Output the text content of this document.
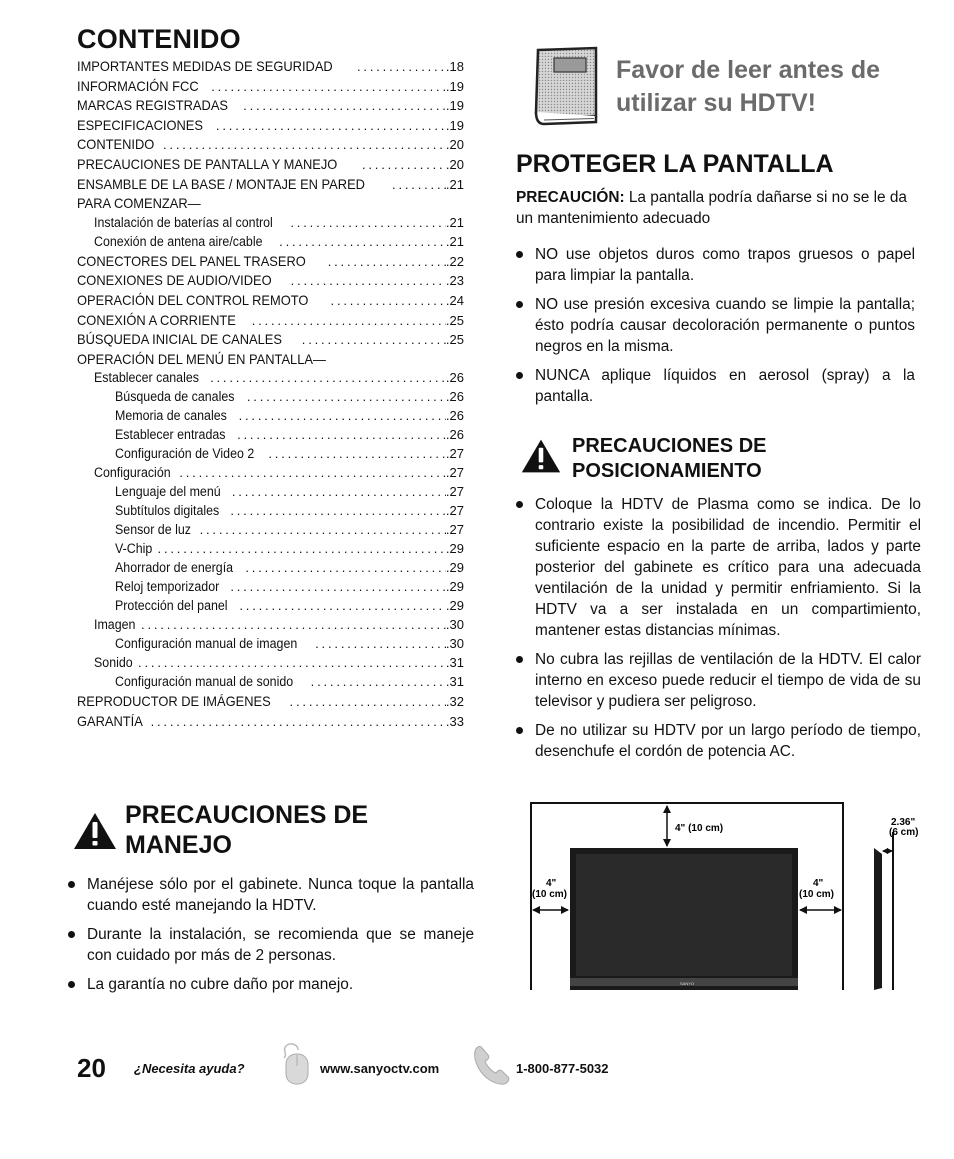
CONTENIDO
IMPORTANTES MEDIDAS DE SEGURIDAD . . .	.18
INFORMACIÓN FCC . . .	.19
MARCAS REGISTRADAS . . .	.19
ESPECIFICACIONES . . .	.19
CONTENIDO . . .	.20
PRECAUCIONES DE PANTALLA Y MANEJO . . .	.20
ENSAMBLE DE LA BASE / MONTAJE EN PARED . . .	.21
PARA COMENZAR—
Instalación de baterías al control . . .	.21
Conexión de antena aire/cable . . .	.21
CONECTORES DEL PANEL TRASERO . . .	.22
CONEXIONES DE AUDIO/VIDEO . . .	.23
OPERACIÓN DEL CONTROL REMOTO . . .	.24
CONEXIÓN A CORRIENTE . . .	.25
BÚSQUEDA INICIAL DE CANALES . . .	.25
OPERACIÓN DEL MENÚ EN PANTALLA—
Establecer canales . . .	.26
Búsqueda de canales . . .	.26
Memoria de canales . . .	.26
Establecer entradas . . .	.26
Configuración de Video 2 . . .	.27
Configuración . . .	.27
Lenguaje del menú . . .	.27
Subtítulos digitales . . .	.27
Sensor de luz . . .	.27
V-Chip . . .	.29
Ahorrador de energía . . .	.29
Reloj temporizador . . .	.29
Protección del panel . . .	.29
Imagen . . .	.30
Configuración manual de imagen . . .	.30
Sonido . . .	.31
Configuración manual de sonido . . .	.31
REPRODUCTOR DE IMÁGENES . . .	.32
GARANTÍA . . .	.33
PRECAUCIONES DE
MANEJO
Manéjese sólo por el gabinete. Nunca toque la pantalla cuando esté manejando la HDTV.
Durante la instalación, se recomienda que se maneje con cuidado por más de 2 personas.
La garantía no cubre daño por manejo.
Favor de leer antes de
utilizar su HDTV!
PROTEGER LA PANTALLA
PRECAUCIÓN: La pantalla podría dañarse si no se le da un mantenimiento adecuado
NO use objetos duros como trapos gruesos o papel para limpiar la pantalla.
NO use presión excesiva cuando se limpie la pantalla; ésto podría causar decoloración permanente o puntos negros en la misma.
NUNCA aplique líquidos en aerosol (spray) a la pantalla.
PRECAUCIONES DE
POSICIONAMIENTO
Coloque la HDTV de Plasma como se indica. De lo contrario existe la posibilidad de incendio. Permitir el suficiente espacio en la parte de arriba, lados y parte posterior del gabinete es crítico para una adecuada ventilación de la unidad y permitir enfriamiento. Si la HDTV va a ser instalada en un compartimiento, mantener estas distancias mínimas.
No cubra las rejillas de ventilación de la HDTV. El calor interno en exceso puede reducir el tiempo de vida de su televisor y pudiera ser peligroso.
De no utilizar su HDTV por un largo período de tiempo, desenchufe el cordón de potencia AC.
SANYO
4" (10 cm)
4"
(10 cm)
4"
(10 cm)
2.36"
(6 cm)
20 ¿Necesita ayuda?	www.sanyoctv.com	1-800-877-5032
